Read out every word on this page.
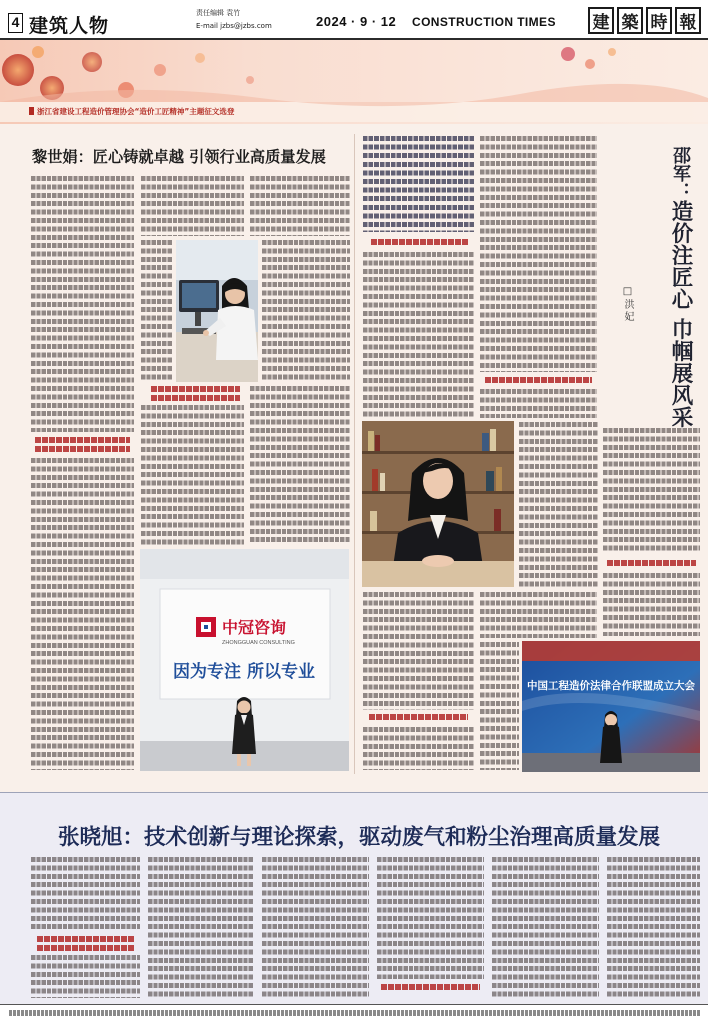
4 建筑人物
责任编辑 袁竹
E-mail jzbs@jzbs.com	2024 · 9 · 12 CONSTRUCTION TIMES 建 築 時 報
浙江省建设工程造价管理协会“造价工匠精神”主题征文选登
黎世娟：匠心铸就卓越 引领行业高质量发展
中冠咨询
ZHONGGUAN CONSULTING
因为专注 所以专业
邵军：造价注匠心 巾帼展风采
□洪妃
中国工程造价法律合作联盟成立大会
张晓旭：技术创新与理论探索，驱动废气和粉尘治理高质量发展
